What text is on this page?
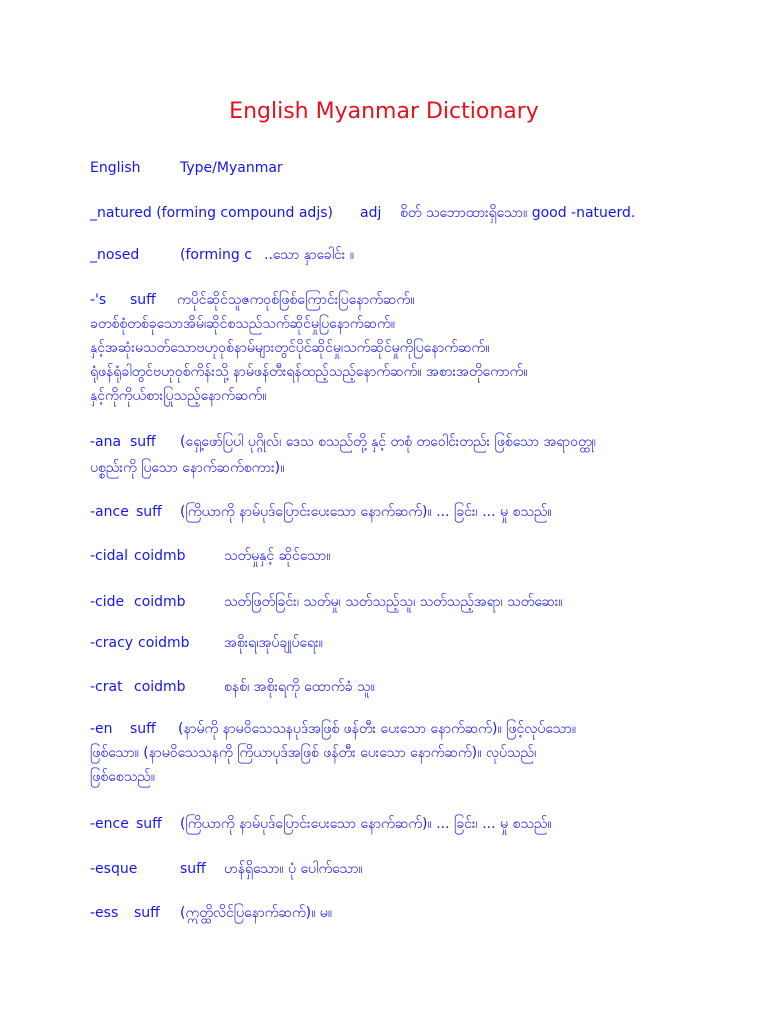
English Myanmar Dictionary
English	Type/Myanmar
_natured (forming compound adjs) adj စိတ် သဘောထားရှိသော။ good -natuerd.
_nosed	(forming c ..သော နှာခေါင်း ။
-'s suff ကပိုင်ဆိုင်သူဇကဝုစ်ဖြစ်ကြောင်းပြနောက်ဆက်။
ခတစ်စုံတစ်ခုသောအိမ်၊ဆိုင်စသည်သက်ဆိုင်မှုပြနောက်ဆက်။
နှင့်အဆုံးမသတ်သောဗဟုဝုစ်နာမ်များတွင်ပိုင်ဆိုင်မှု၊သက်ဆိုင်မှုကိုပြနောက်ဆက်။
ရုံဖန်ရုံခါတွင်ဗဟုဝုစ်ကိန်းသို့ နာမ်ဖန်တီးရန်ထည့်သည့်နောက်ဆက်။ အစားအတိုကောက်။
နှင့်ကိုကိုယ်စားပြုသည့်နောက်ဆက်။
-ana suff (ရှေ့ဖော်ပြပါ ပုဂ္ဂိုလ်၊ ဒေသ စသည်တို့ နှင့် တစုံ တဝေါင်းတည်း ဖြစ်သော အရာဝတ္ထု၊
ပစ္စည်းကို ပြသော နောက်ဆက်စကား)။
-ance suff (ကြိယာကို နာမ်ပုဒ်ပြောင်းပေးသော နောက်ဆက်)။ ... ခြင်း၊ ... မှု စသည်။
-cidal coidmb	သတ်မှုနှင့် ဆိုင်သော။
-cide coidmb	သတ်ဖြတ်ခြင်း၊ သတ်မှု၊ သတ်သည့်သူ၊ သတ်သည့်အရာ၊ သတ်ဆေး။
-cracy coidmb အစိုးရ၊အုပ်ချုပ်ရေး။
-crat coidmb	စနစ်၊ အစိုးရကို ထောက်ခံ သူ။
-en suff (နာမ်ကို နာမဝိသေသနပုဒ်အဖြစ် ဖန်တီး ပေးသော နောက်ဆက်)။ ဖြင့်လုပ်သော။
ဖြစ်သော။ (နာမဝိသေသနကို ကြိယာပုဒ်အဖြစ် ဖန်တီး ပေးသော နောက်ဆက်)။ လုပ်သည်၊
ဖြစ်စေသည်။
-ence suff (ကြိယာကို နာမ်ပုဒ်ပြောင်းပေးသော နောက်ဆက်)။ ... ခြင်း၊ ... မှု စသည်။
-esque	suff ဟန်ရှိသော။ ပုံ ပေါက်သော။
-ess suff (ဣတ္ထိလိင်ပြနောက်ဆက်)။ မ။
